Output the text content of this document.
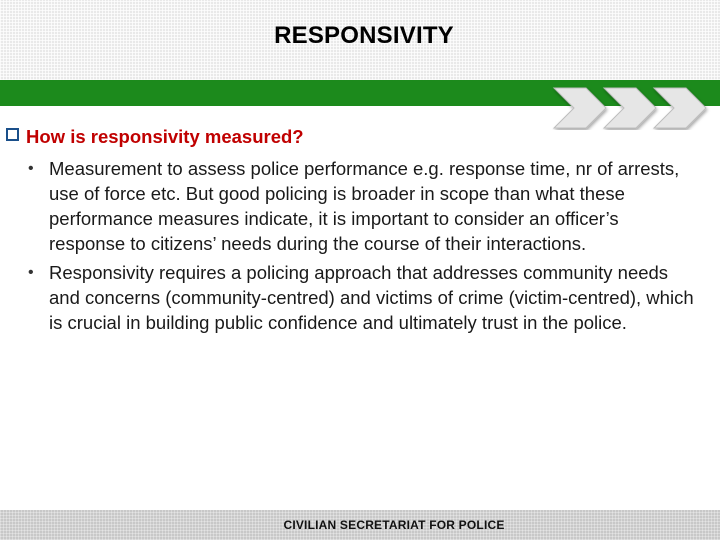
RESPONSIVITY
How is responsivity measured?
• Measurement to assess police performance e.g. response time, nr of arrests, use of force etc. But good policing is broader in scope than what these performance measures indicate, it is important to consider an officer’s response to citizens’ needs during the course of their interactions.
• Responsivity requires a policing approach that addresses community needs and concerns (community-centred) and victims of crime (victim-centred), which is crucial in building public confidence and ultimately trust in the police.
CIVILIAN SECRETARIAT FOR POLICE
